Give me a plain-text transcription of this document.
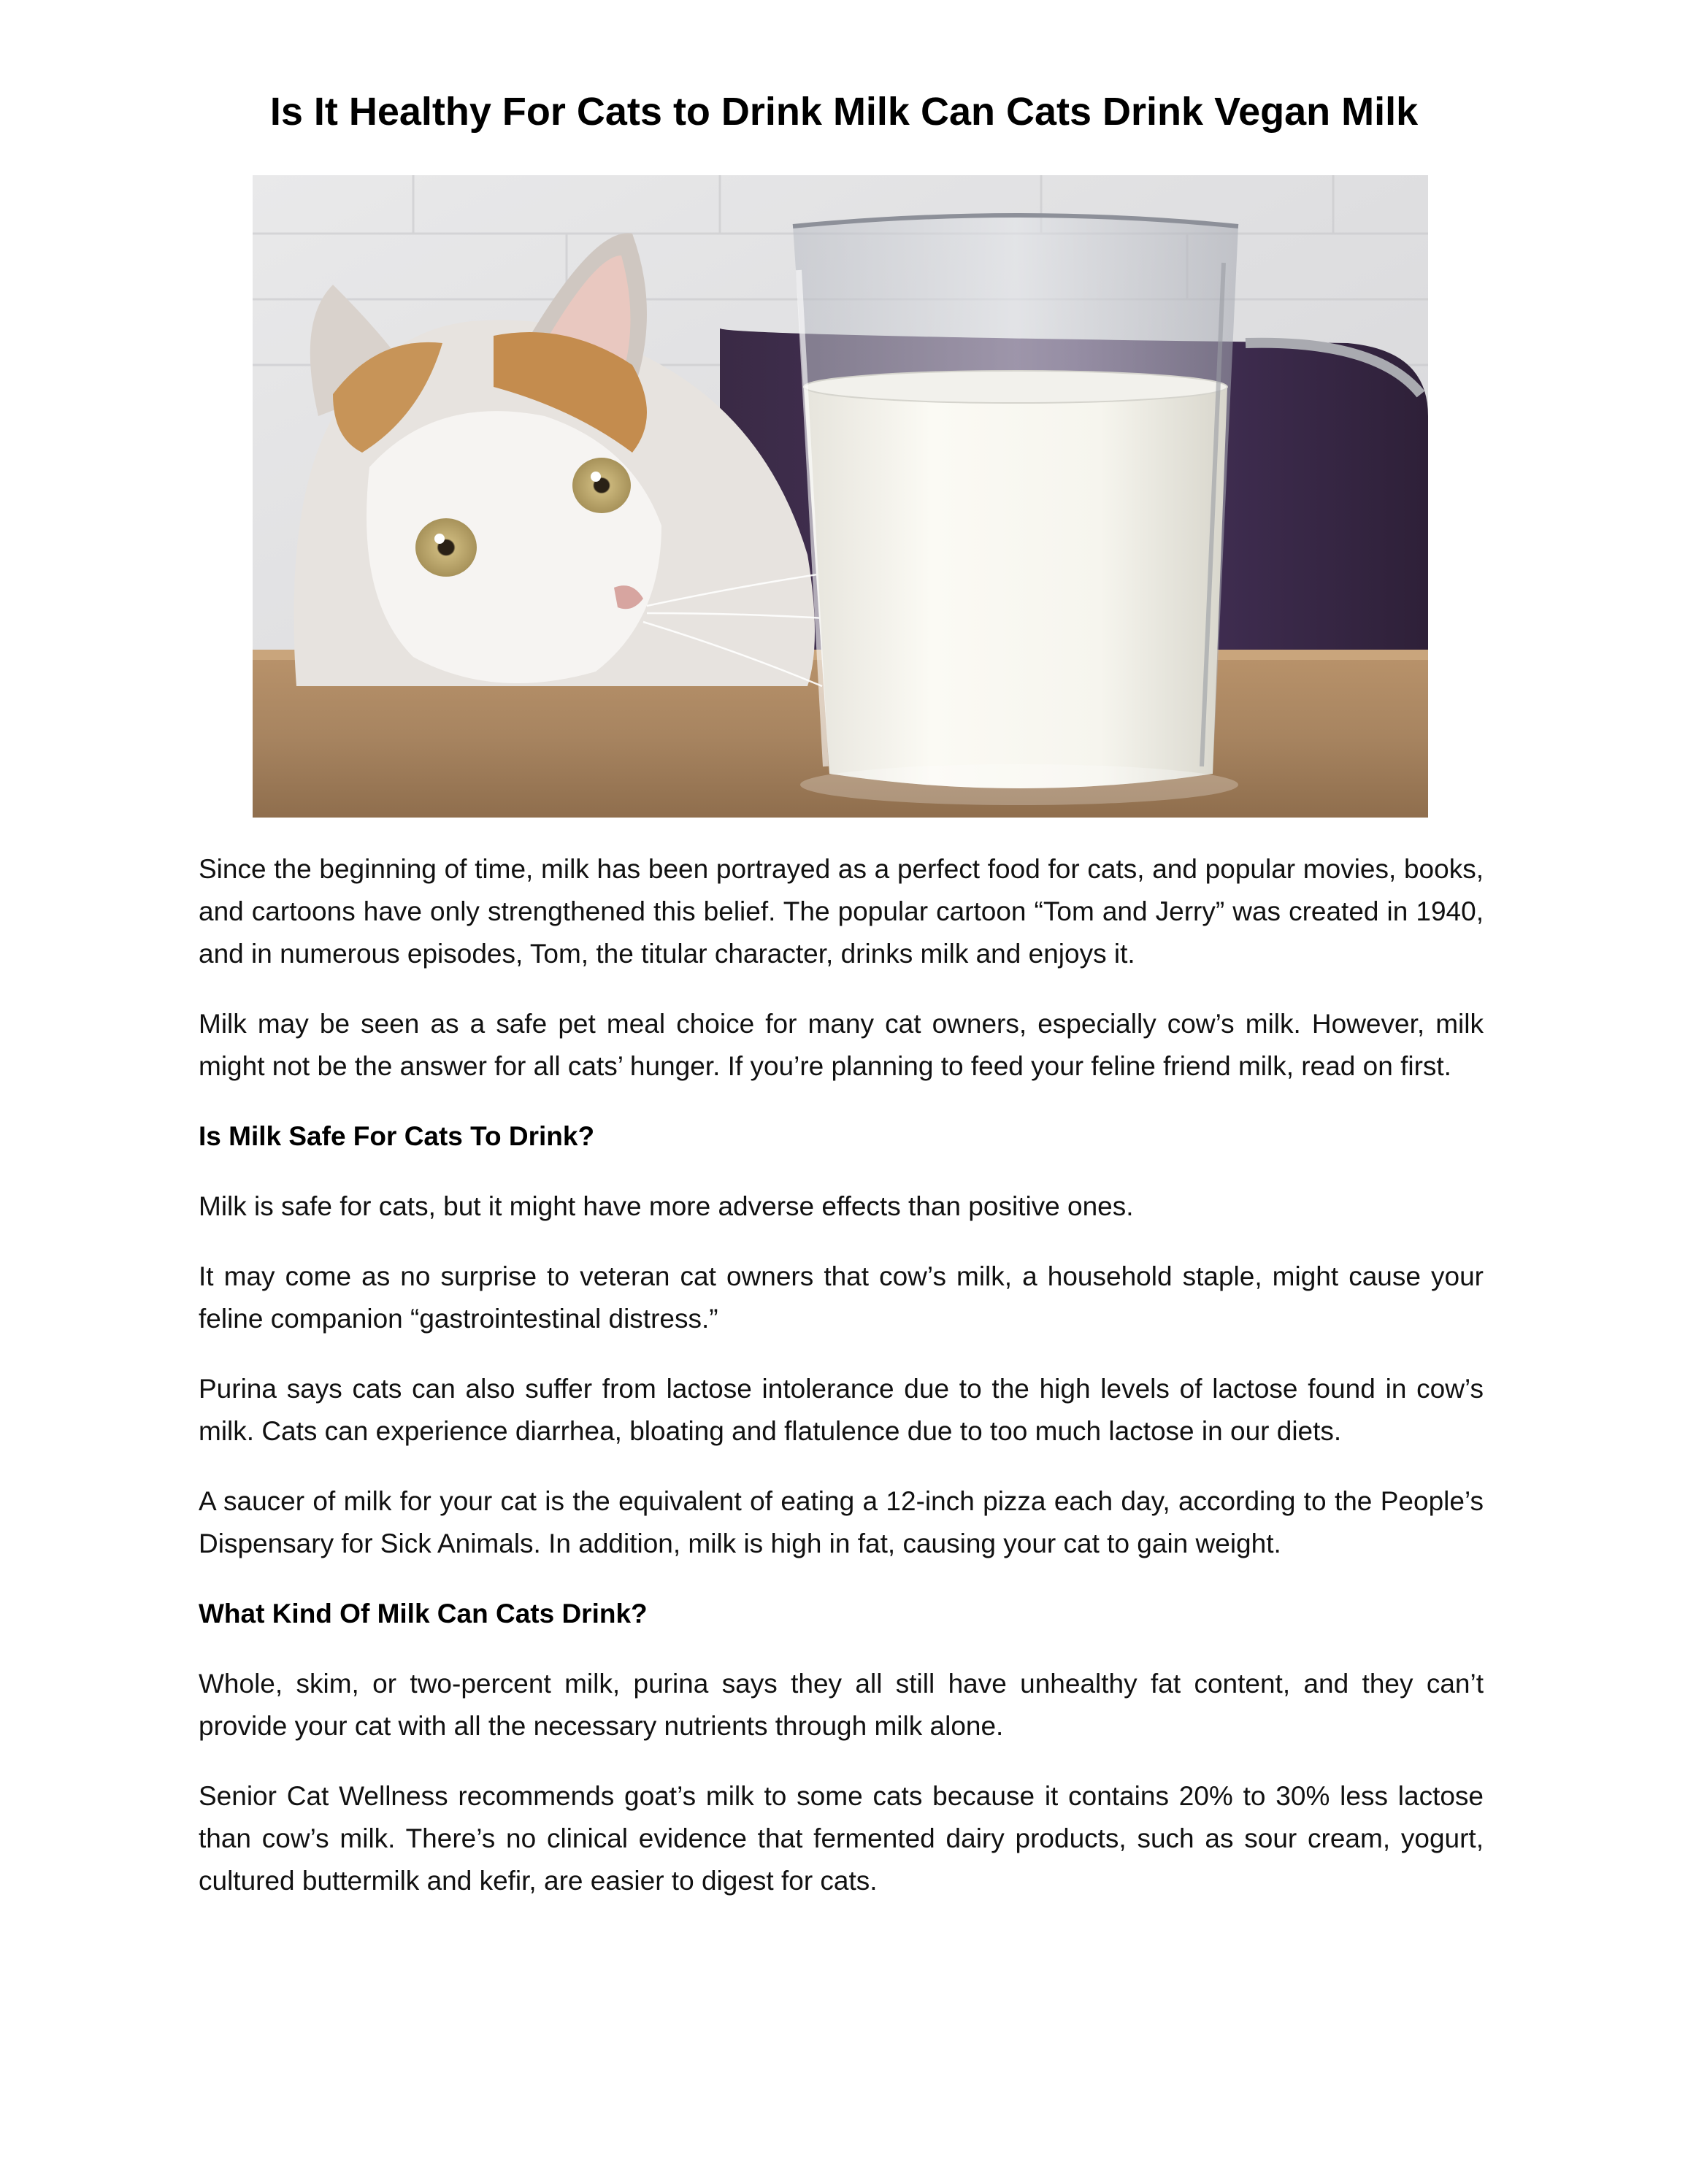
Is It Healthy For Cats to Drink Milk Can Cats Drink Vegan Milk

Since the beginning of time, milk has been portrayed as a perfect food for cats, and popular movies, books, and cartoons have only strengthened this belief. The popular cartoon “Tom and Jerry” was created in 1940, and in numerous episodes, Tom, the titular character, drinks milk and enjoys it.

Milk may be seen as a safe pet meal choice for many cat owners, especially cow’s milk. However, milk might not be the answer for all cats’ hunger. If you’re planning to feed your feline friend milk, read on first.

Is Milk Safe For Cats To Drink?

Milk is safe for cats, but it might have more adverse effects than positive ones.

It may come as no surprise to veteran cat owners that cow’s milk, a household staple, might cause your feline companion “gastrointestinal distress.”

Purina says cats can also suffer from lactose intolerance due to the high levels of lactose found in cow’s milk. Cats can experience diarrhea, bloating and flatulence due to too much lactose in our diets.

A saucer of milk for your cat is the equivalent of eating a 12-inch pizza each day, according to the People’s Dispensary for Sick Animals. In addition, milk is high in fat, causing your cat to gain weight.

What Kind Of Milk Can Cats Drink?

Whole, skim, or two-percent milk, purina says they all still have unhealthy fat content, and they can’t provide your cat with all the necessary nutrients through milk alone.

Senior Cat Wellness recommends goat’s milk to some cats because it contains 20% to 30% less lactose than cow’s milk. There’s no clinical evidence that fermented dairy products, such as sour cream, yogurt, cultured buttermilk and kefir, are easier to digest for cats.
